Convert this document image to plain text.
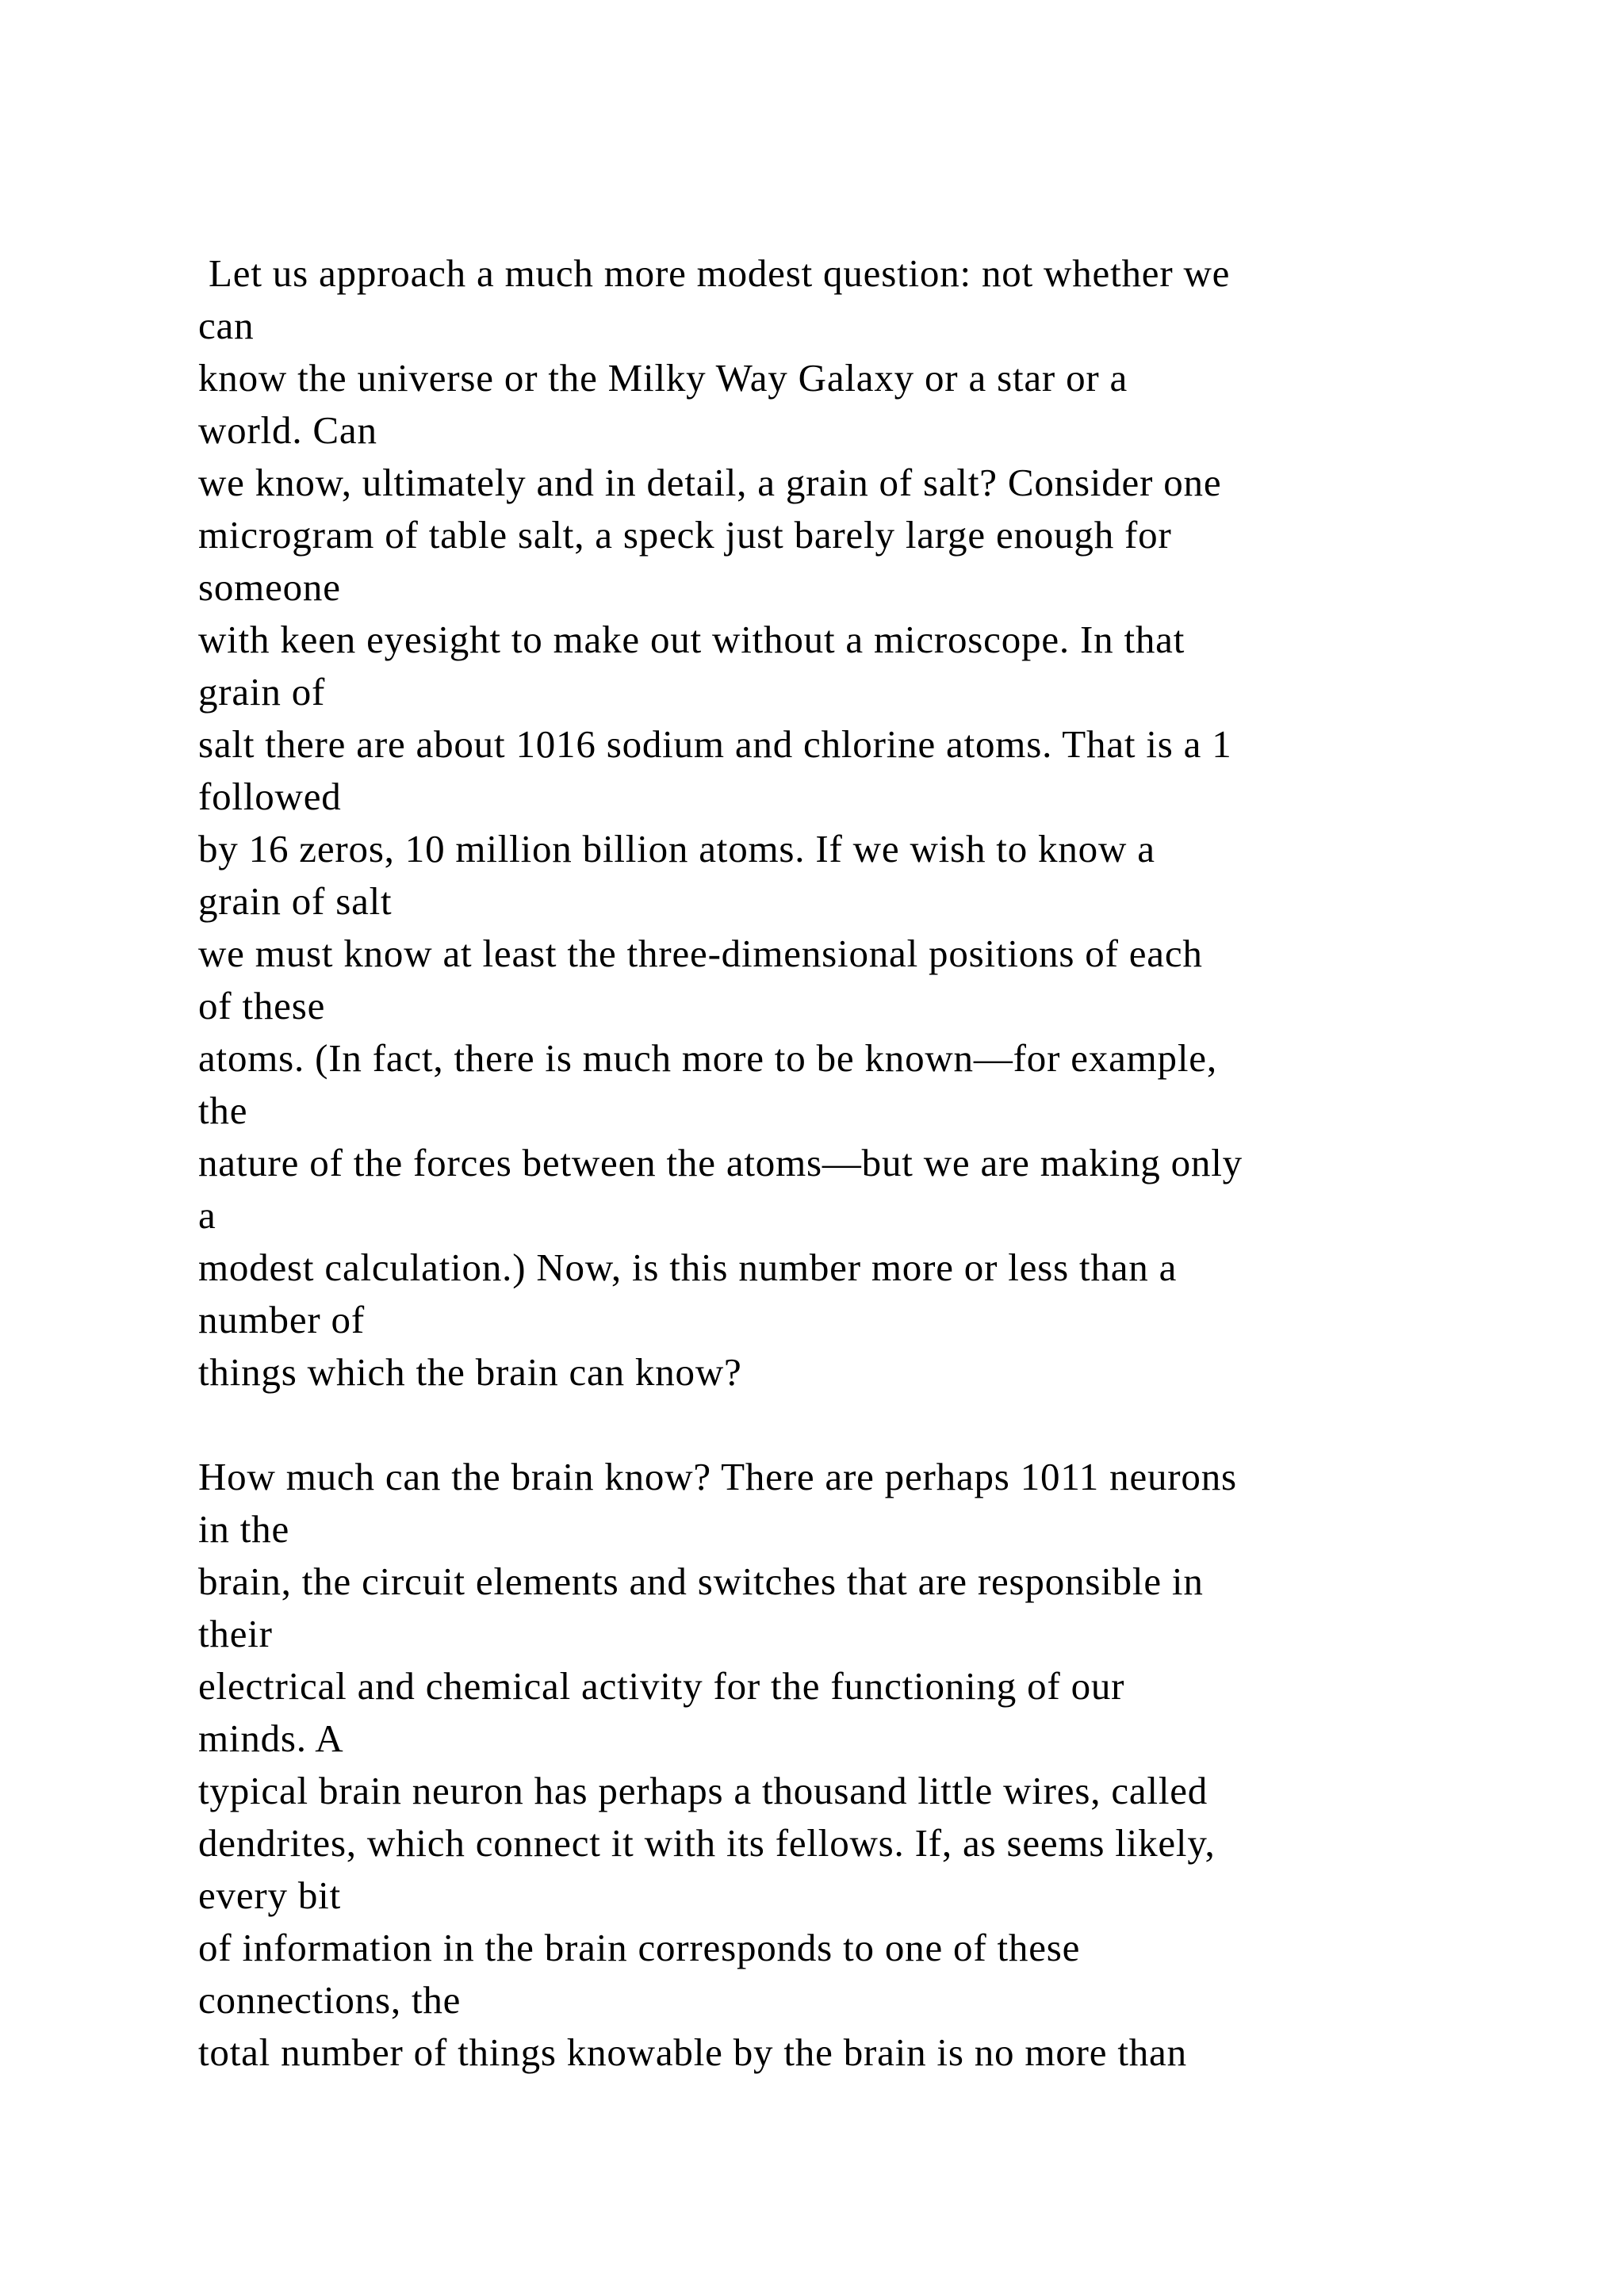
Let us approach a much more modest question: not whether we
can
know the universe or the Milky Way Galaxy or a star or a
world. Can
we know, ultimately and in detail, a grain of salt? Consider one
microgram of table salt, a speck just barely large enough for
someone
with keen eyesight to make out without a microscope. In that
grain of
salt there are about 1016 sodium and chlorine atoms. That is a 1
followed
by 16 zeros, 10 million billion atoms. If we wish to know a
grain of salt
we must know at least the three-dimensional positions of each
of these
atoms. (In fact, there is much more to be known—for example,
the
nature of the forces between the atoms—but we are making only
a
modest calculation.) Now, is this number more or less than a
number of
things which the brain can know?
How much can the brain know? There are perhaps 1011 neurons
in the
brain, the circuit elements and switches that are responsible in
their
electrical and chemical activity for the functioning of our
minds. A
typical brain neuron has perhaps a thousand little wires, called
dendrites, which connect it with its fellows. If, as seems likely,
every bit
of information in the brain corresponds to one of these
connections, the
total number of things knowable by the brain is no more than
